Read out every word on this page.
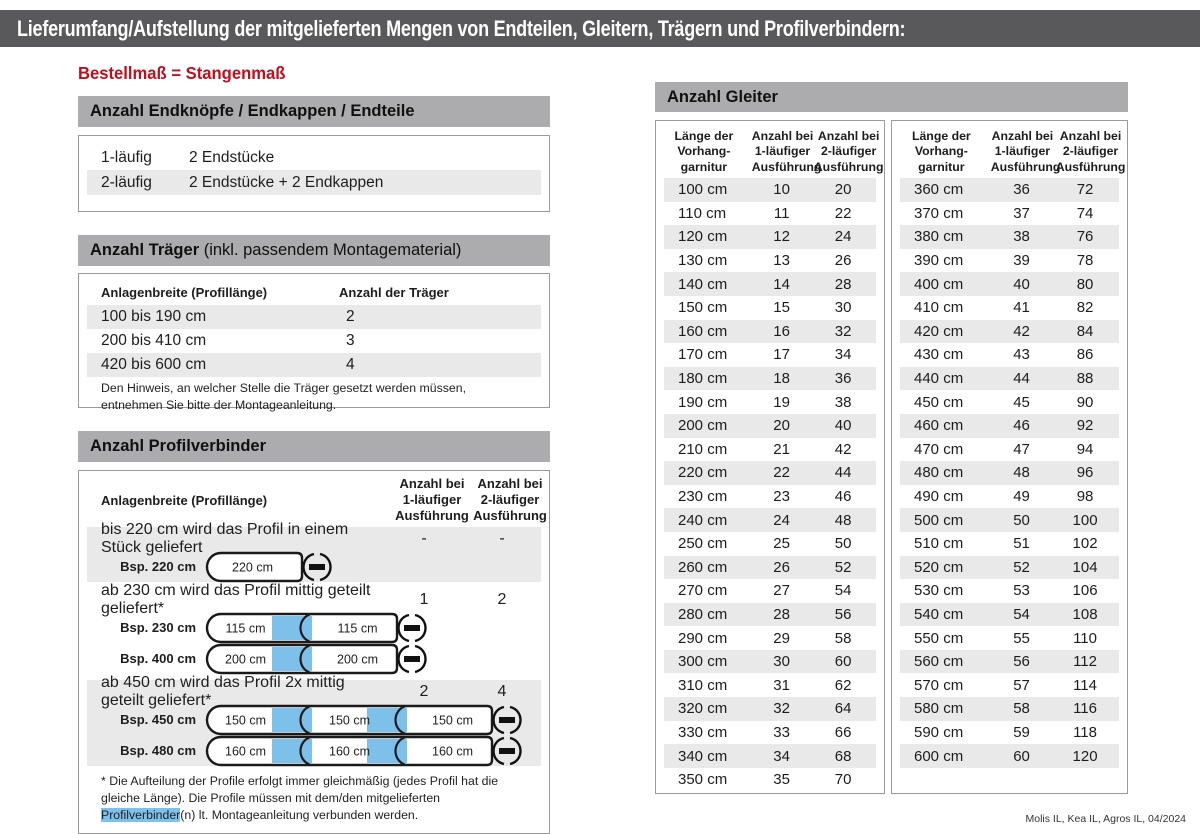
Lieferumfang/Aufstellung der mitgelieferten Mengen von Endteilen, Gleitern, Trägern und Profilverbindern:
Bestellmaß = Stangenmaß
Anzahl Endknöpfe / Endkappen / Endteile
1-läufig	2 Endstücke
2-läufig	2 Endstücke + 2 Endkappen
Anzahl Träger (inkl. passendem Montagematerial)
Anlagenbreite (Profillänge)	Anzahl der Träger
100 bis 190 cm	2
200 bis 410 cm	3
420 bis 600 cm	4
Den Hinweis, an welcher Stelle die Träger gesetzt werden müssen, entnehmen Sie bitte der Montageanleitung.
Anzahl Profilverbinder
Anlagenbreite (Profillänge)
Anzahl bei
1-läufiger
Ausführung
Anzahl bei
2-läufiger
Ausführung
bis 220 cm wird das Profil in einem Stück geliefert
-	-
Bsp. 220 cm	220 cm
ab 230 cm wird das Profil mittig geteilt geliefert*
1	2
Bsp. 230 cm	115 cm	115 cm
Bsp. 400 cm	200 cm	200 cm
ab 450 cm wird das Profil 2x mittig geteilt geliefert*
2	4
Bsp. 450 cm	150 cm	150 cm	150 cm
Bsp. 480 cm	160 cm	160 cm	160 cm
* Die Aufteilung der Profile erfolgt immer gleichmäßig (jedes Profil hat die gleiche Länge). Die Profile müssen mit dem/den mitgelieferten Profilverbinder(n) lt. Montageanleitung verbunden werden.
Anzahl Gleiter
Länge der
Vorhang-
garnitur
Anzahl bei
1-läufiger
Ausführung
Anzahl bei
2-läufiger
Ausführung
100 cm	10	20
110 cm	11	22
120 cm	12	24
130 cm	13	26
140 cm	14	28
150 cm	15	30
160 cm	16	32
170 cm	17	34
180 cm	18	36
190 cm	19	38
200 cm	20	40
210 cm	21	42
220 cm	22	44
230 cm	23	46
240 cm	24	48
250 cm	25	50
260 cm	26	52
270 cm	27	54
280 cm	28	56
290 cm	29	58
300 cm	30	60
310 cm	31	62
320 cm	32	64
330 cm	33	66
340 cm	34	68
350 cm	35	70
Länge der
Vorhang-
garnitur
Anzahl bei
1-läufiger
Ausführung
Anzahl bei
2-läufiger
Ausführung
360 cm	36	72
370 cm	37	74
380 cm	38	76
390 cm	39	78
400 cm	40	80
410 cm	41	82
420 cm	42	84
430 cm	43	86
440 cm	44	88
450 cm	45	90
460 cm	46	92
470 cm	47	94
480 cm	48	96
490 cm	49	98
500 cm	50	100
510 cm	51	102
520 cm	52	104
530 cm	53	106
540 cm	54	108
550 cm	55	110
560 cm	56	112
570 cm	57	114
580 cm	58	116
590 cm	59	118
600 cm	60	120
Molis IL, Kea IL, Agros IL, 04/2024
